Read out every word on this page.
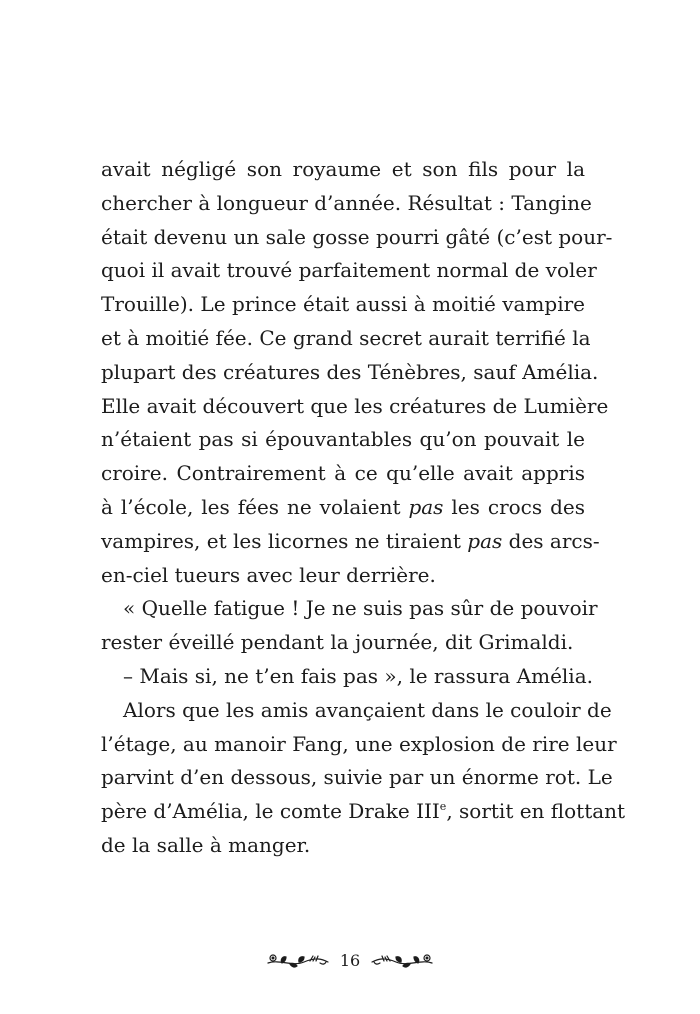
avait négligé son royaume et son fils pour la
chercher à longueur d’année. Résultat : Tangine
était devenu un sale gosse pourri gâté (c’est pour-
quoi il avait trouvé parfaitement normal de voler
Trouille). Le prince était aussi à moitié vampire
et à moitié fée. Ce grand secret aurait terrifié la
plupart des créatures des Ténèbres, sauf Amélia.
Elle avait découvert que les créatures de Lumière
n’étaient pas si épouvantables qu’on pouvait le
croire. Contrairement à ce qu’elle avait appris
à l’école, les fées ne volaient pas les crocs des
vampires, et les licornes ne tiraient pas des arcs-
en-ciel tueurs avec leur derrière.
« Quelle fatigue ! Je ne suis pas sûr de pouvoir
rester éveillé pendant la journée, dit Grimaldi.
– Mais si, ne t’en fais pas », le rassura Amélia.
Alors que les amis avançaient dans le couloir de
l’étage, au manoir Fang, une explosion de rire leur
parvint d’en dessous, suivie par un énorme rot. Le
père d’Amélia, le comte Drake IIIe, sortit en flottant
de la salle à manger.
16
